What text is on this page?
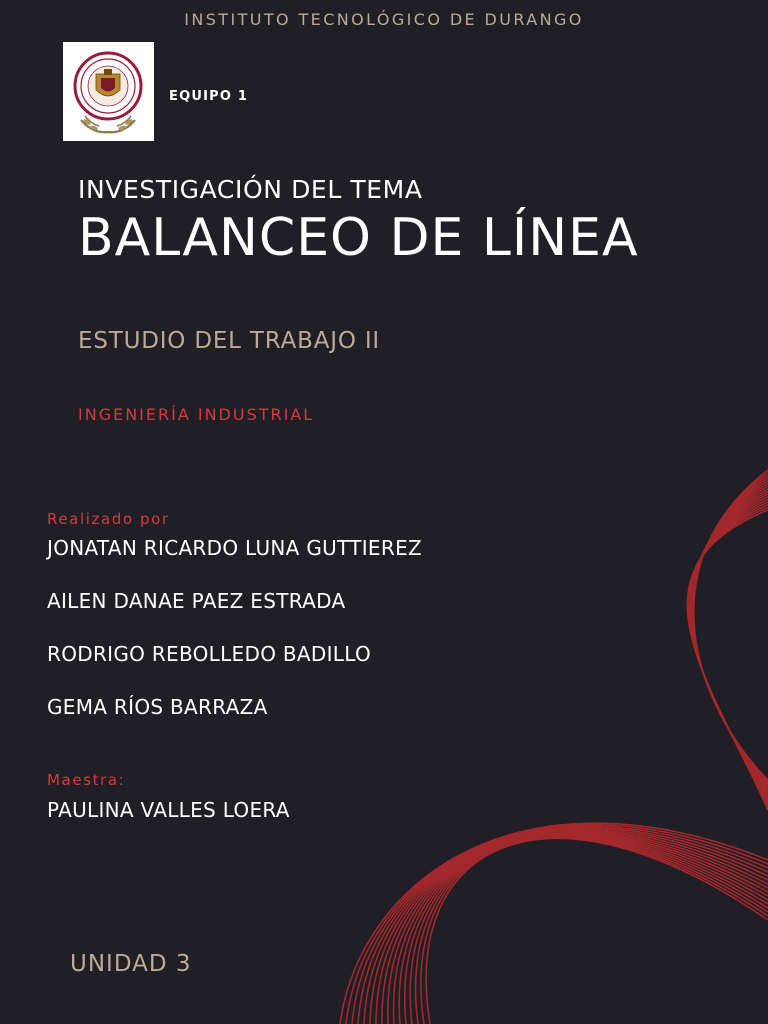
INSTITUTO TECNOLÓGICO DE DURANGO
EQUIPO 1
INVESTIGACIÓN DEL TEMA
BALANCEO DE LÍNEA
ESTUDIO DEL TRABAJO II
INGENIERÍA INDUSTRIAL
Realizado por
JONATAN RICARDO LUNA GUTTIEREZ
AILEN DANAE PAEZ ESTRADA
RODRIGO REBOLLEDO BADILLO
GEMA RÍOS BARRAZA
Maestra:
PAULINA VALLES LOERA
UNIDAD 3
